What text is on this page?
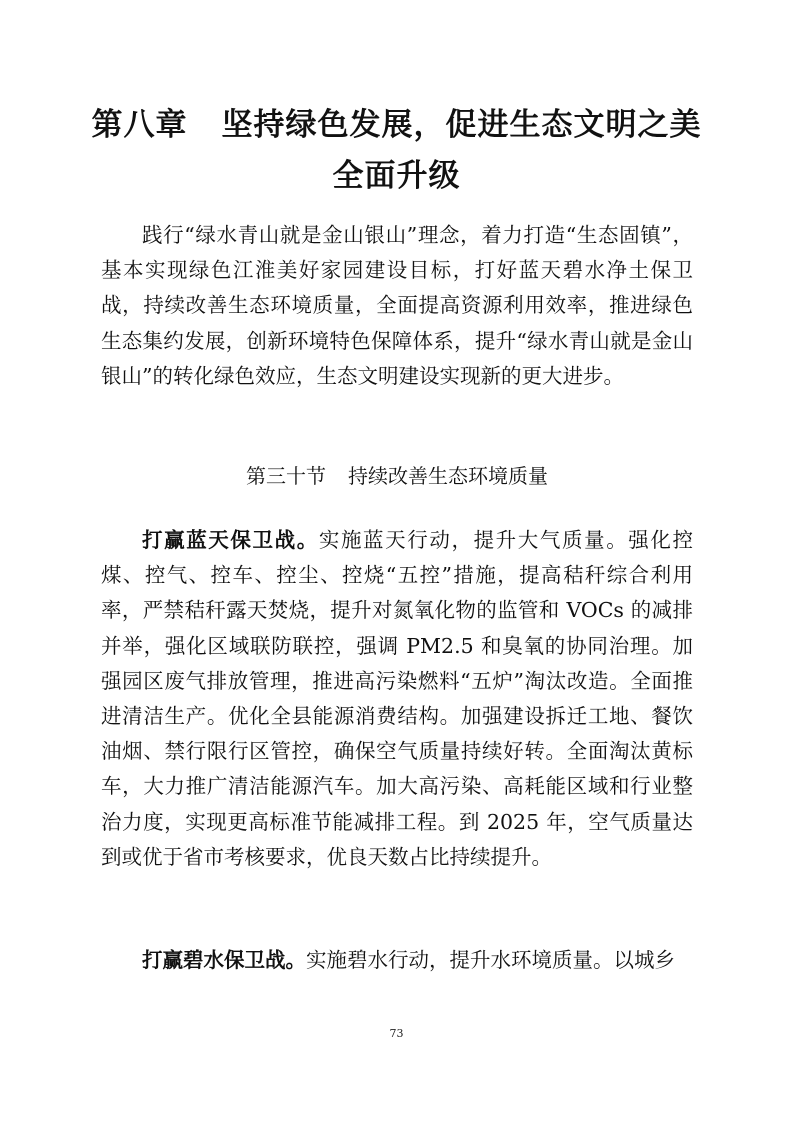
第八章 坚持绿色发展，促进生态文明之美全面升级

践行“绿水青山就是金山银山”理念，着力打造“生态固镇”，基本实现绿色江淮美好家园建设目标，打好蓝天碧水净土保卫战，持续改善生态环境质量，全面提高资源利用效率，推进绿色生态集约发展，创新环境特色保障体系，提升“绿水青山就是金山银山”的转化绿色效应，生态文明建设实现新的更大进步。

第三十节 持续改善生态环境质量

打赢蓝天保卫战。实施蓝天行动，提升大气质量。强化控煤、控气、控车、控尘、控烧“五控”措施，提高秸秆综合利用率，严禁秸秆露天焚烧，提升对氮氧化物的监管和 VOCs 的减排并举，强化区域联防联控，强调 PM2.5 和臭氧的协同治理。加强园区废气排放管理，推进高污染燃料“五炉”淘汰改造。全面推进清洁生产。优化全县能源消费结构。加强建设拆迁工地、餐饮油烟、禁行限行区管控，确保空气质量持续好转。全面淘汰黄标车，大力推广清洁能源汽车。加大高污染、高耗能区域和行业整治力度，实现更高标准节能减排工程。到 2025 年，空气质量达到或优于省市考核要求，优良天数占比持续提升。

打赢碧水保卫战。实施碧水行动，提升水环境质量。以城乡

73
